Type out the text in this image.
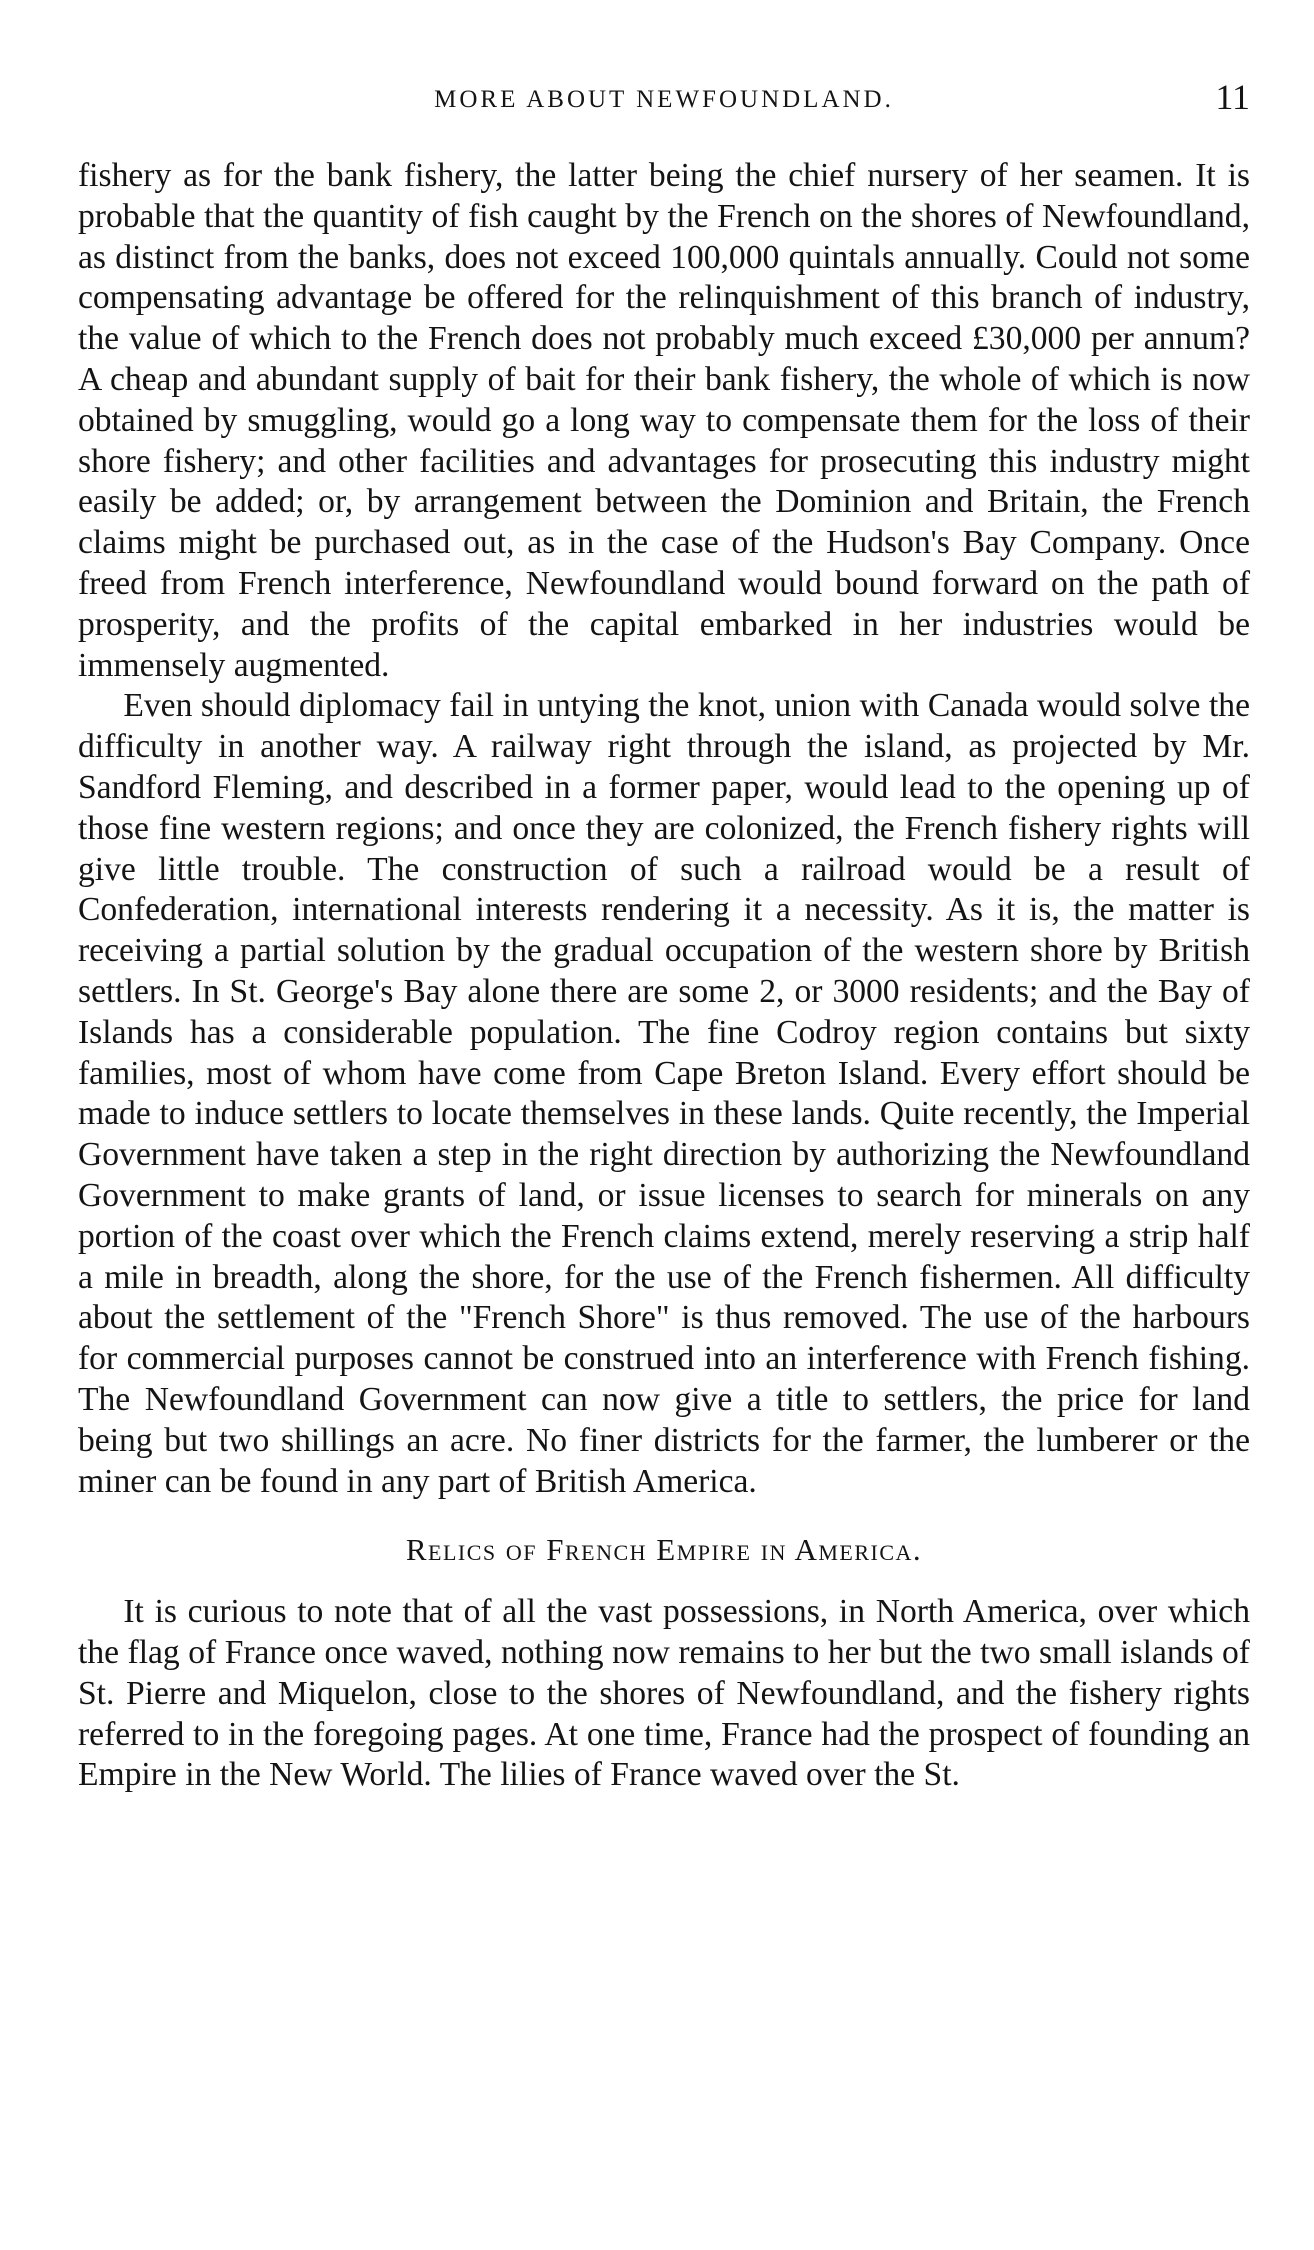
MORE ABOUT NEWFOUNDLAND.	11

fishery as for the bank fishery, the latter being the chief nursery of her seamen. It is probable that the quantity of fish caught by the French on the shores of Newfoundland, as distinct from the banks, does not exceed 100,000 quintals annually. Could not some compensating advantage be offered for the relinquishment of this branch of industry, the value of which to the French does not probably much exceed £30,000 per annum? A cheap and abundant supply of bait for their bank fishery, the whole of which is now obtained by smuggling, would go a long way to compensate them for the loss of their shore fishery; and other facilities and advantages for prosecuting this industry might easily be added; or, by arrangement between the Dominion and Britain, the French claims might be purchased out, as in the case of the Hudson's Bay Company. Once freed from French interference, Newfoundland would bound forward on the path of prosperity, and the profits of the capital embarked in her industries would be immensely augmented.

Even should diplomacy fail in untying the knot, union with Canada would solve the difficulty in another way. A railway right through the island, as projected by Mr. Sandford Fleming, and described in a former paper, would lead to the opening up of those fine western regions; and once they are colonized, the French fishery rights will give little trouble. The construction of such a railroad would be a result of Confederation, international interests rendering it a necessity. As it is, the matter is receiving a partial solution by the gradual occupation of the western shore by British settlers. In St. George's Bay alone there are some 2, or 3000 residents; and the Bay of Islands has a considerable population. The fine Codroy region contains but sixty families, most of whom have come from Cape Breton Island. Every effort should be made to induce settlers to locate themselves in these lands. Quite recently, the Imperial Government have taken a step in the right direction by authorizing the Newfoundland Government to make grants of land, or issue licenses to search for minerals on any portion of the coast over which the French claims extend, merely reserving a strip half a mile in breadth, along the shore, for the use of the French fishermen. All difficulty about the settlement of the "French Shore" is thus removed. The use of the harbours for commercial purposes cannot be construed into an interference with French fishing. The Newfoundland Government can now give a title to settlers, the price for land being but two shillings an acre. No finer districts for the farmer, the lumberer or the miner can be found in any part of British America.

Relics of French Empire in America.

It is curious to note that of all the vast possessions, in North America, over which the flag of France once waved, nothing now remains to her but the two small islands of St. Pierre and Miquelon, close to the shores of Newfoundland, and the fishery rights referred to in the foregoing pages. At one time, France had the prospect of founding an Empire in the New World. The lilies of France waved over the St.
